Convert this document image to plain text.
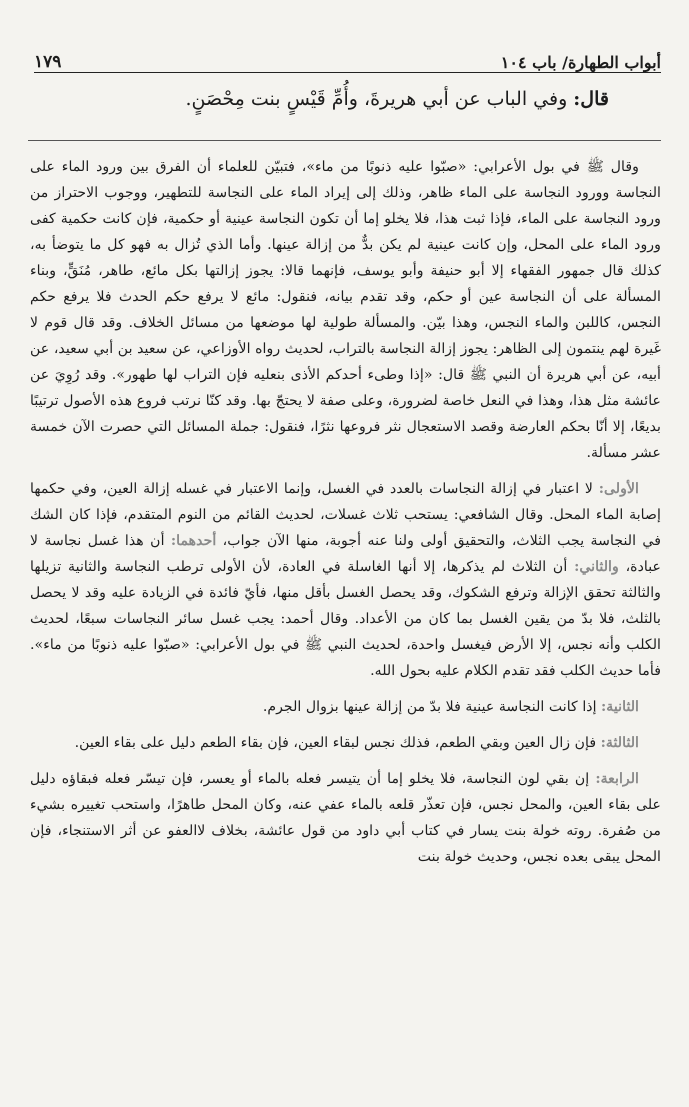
أبواب الطهارة/ باب ١٠٤
١٧٩
قال: وفي الباب عن أبي هريرةَ، وأُمِّ قَيْسٍ بنت مِحْصَنٍ.

وقال ﷺ في بول الأعرابي: «صبّوا عليه ذنوبًا من ماء»، فتبيّن للعلماء أن الفرق بين ورود الماء على النجاسة وورود النجاسة على الماء ظاهر، وذلك إلى إيراد الماء على النجاسة للتطهير، ووجوب الاحتراز من ورود النجاسة على الماء، فإذا ثبت هذا، فلا يخلو إما أن تكون النجاسة عينية أو حكمية، فإن كانت حكمية كفى ورود الماء على المحل، وإن كانت عينية لم يكن بدٌّ من إزالة عينها. وأما الذي تُزال به فهو كل ما يتوضأ به، كذلك قال جمهور الفقهاء إلا أبو حنيفة وأبو يوسف، فإنهما قالا: يجوز إزالتها بكل مائع، طاهر، مُنَقٍّ، وبناء المسألة على أن النجاسة عين أو حكم، وقد تقدم بيانه، فنقول: مائع لا يرفع حكم الحدث فلا يرفع حكم النجس، كاللبن والماء النجس، وهذا بيّن. والمسألة طولية لها موضعها من مسائل الخلاف. وقد قال قوم لا غَيرة لهم ينتمون إلى الظاهر: يجوز إزالة النجاسة بالتراب، لحديث رواه الأوزاعي، عن سعيد بن أبي سعيد، عن أبيه، عن أبي هريرة أن النبي ﷺ قال: «إذا وطىء أحدكم الأذى بنعليه فإن التراب لها طهور». وقد رُوِيَ عن عائشة مثل هذا، وهذا في النعل خاصة لضرورة، وعلى صفة لا يحتجّ بها. وقد كنّا نرتب فروع هذه الأصول ترتيبًا بديعًا، إلا أنّا بحكم العارضة وقصد الاستعجال نثر فروعها نثرًا، فنقول: جملة المسائل التي حصرت الآن خمسة عشر مسألة.

الأولى: لا اعتبار في إزالة النجاسات بالعدد في الغسل، وإنما الاعتبار في غسله إزالة العين، وفي حكمها إصابة الماء المحل. وقال الشافعي: يستحب ثلاث غسلات، لحديث القائم من النوم المتقدم، فإذا كان الشك في النجاسة يجب الثلاث، والتحقيق أولى ولنا عنه أجوبة، منها الآن جواب، أحدهما: أن هذا غسل نجاسة لا عبادة، والثاني: أن الثلاث لم يذكرها، إلا أنها الغاسلة في العادة، لأن الأولى ترطب النجاسة والثانية تزيلها والثالثة تحقق الإزالة وترفع الشكوك، وقد يحصل الغسل بأقل منها، فأيّ فائدة في الزيادة عليه وقد لا يحصل بالثلث، فلا بدّ من يقين الغسل بما كان من الأعداد. وقال أحمد: يجب غسل سائر النجاسات سبعًا، لحديث الكلب وأنه نجس، إلا الأرض فيغسل واحدة، لحديث النبي ﷺ في بول الأعرابي: «صبّوا عليه ذنوبًا من ماء». فأما حديث الكلب فقد تقدم الكلام عليه بحول الله.

الثانية: إذا كانت النجاسة عينية فلا بدّ من إزالة عينها بزوال الجرم.

الثالثة: فإن زال العين وبقي الطعم، فذلك نجس لبقاء العين، فإن بقاء الطعم دليل على بقاء العين.

الرابعة: إن بقي لون النجاسة، فلا يخلو إما أن يتيسر فعله بالماء أو يعسر، فإن تيسّر فعله فبقاؤه دليل على بقاء العين، والمحل نجس، فإن تعذّر قلعه بالماء عفي عنه، وكان المحل طاهرًا، واستحب تغييره بشيء من صُفرة. روته خولة بنت يسار في كتاب أبي داود من قول عائشة، بخلاف لاالعفو عن أثر الاستنجاء، فإن المحل يبقى بعده نجس، وحديث خولة بنت
